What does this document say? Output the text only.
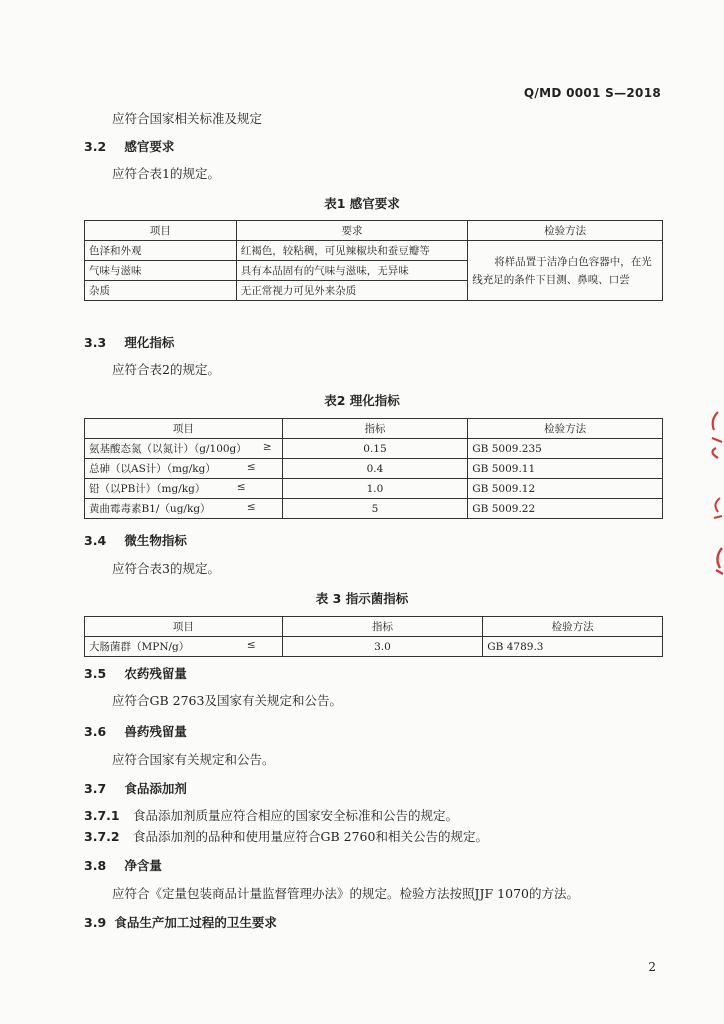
Q/MD 0001 S—2018
应符合国家相关标准及规定
3.2 感官要求
应符合表1的规定。
表1 感官要求
项目	要求	检验方法
色泽和外观	红褐色，较粘稠，可见辣椒块和蚕豆瓣等	将样品置于洁净白色容器中，在光
线充足的条件下目测、鼻嗅、口尝

气味与滋味	具有本品固有的气味与滋味，无异味	
杂质	无正常视力可见外来杂质	
3.3 理化指标
应符合表2的规定。
表2 理化指标
项目	指标	检验方法
氨基酸态氮（以氮计）（g/100g） ≥	0.15	GB 5009.235
总砷（以AS计）（mg/kg） ≤	0.4	GB 5009.11
铅（以PB计）（mg/kg） ≤	1.0	GB 5009.12
黄曲霉毒素B1/（ug/kg） ≤	5	GB 5009.22
3.4 微生物指标
应符合表3的规定。
表 3 指示菌指标
项目	指标	检验方法
大肠菌群（MPN/g） ≤	3.0	GB 4789.3
3.5 农药残留量
应符合GB 2763及国家有关规定和公告。
3.6 兽药残留量
应符合国家有关规定和公告。
3.7 食品添加剂
3.7.1 食品添加剂质量应符合相应的国家安全标准和公告的规定。
3.7.2 食品添加剂的品种和使用量应符合GB 2760和相关公告的规定。
3.8 净含量
应符合《定量包装商品计量监督管理办法》的规定。检验方法按照JJF 1070的方法。
3.9 食品生产加工过程的卫生要求
2
